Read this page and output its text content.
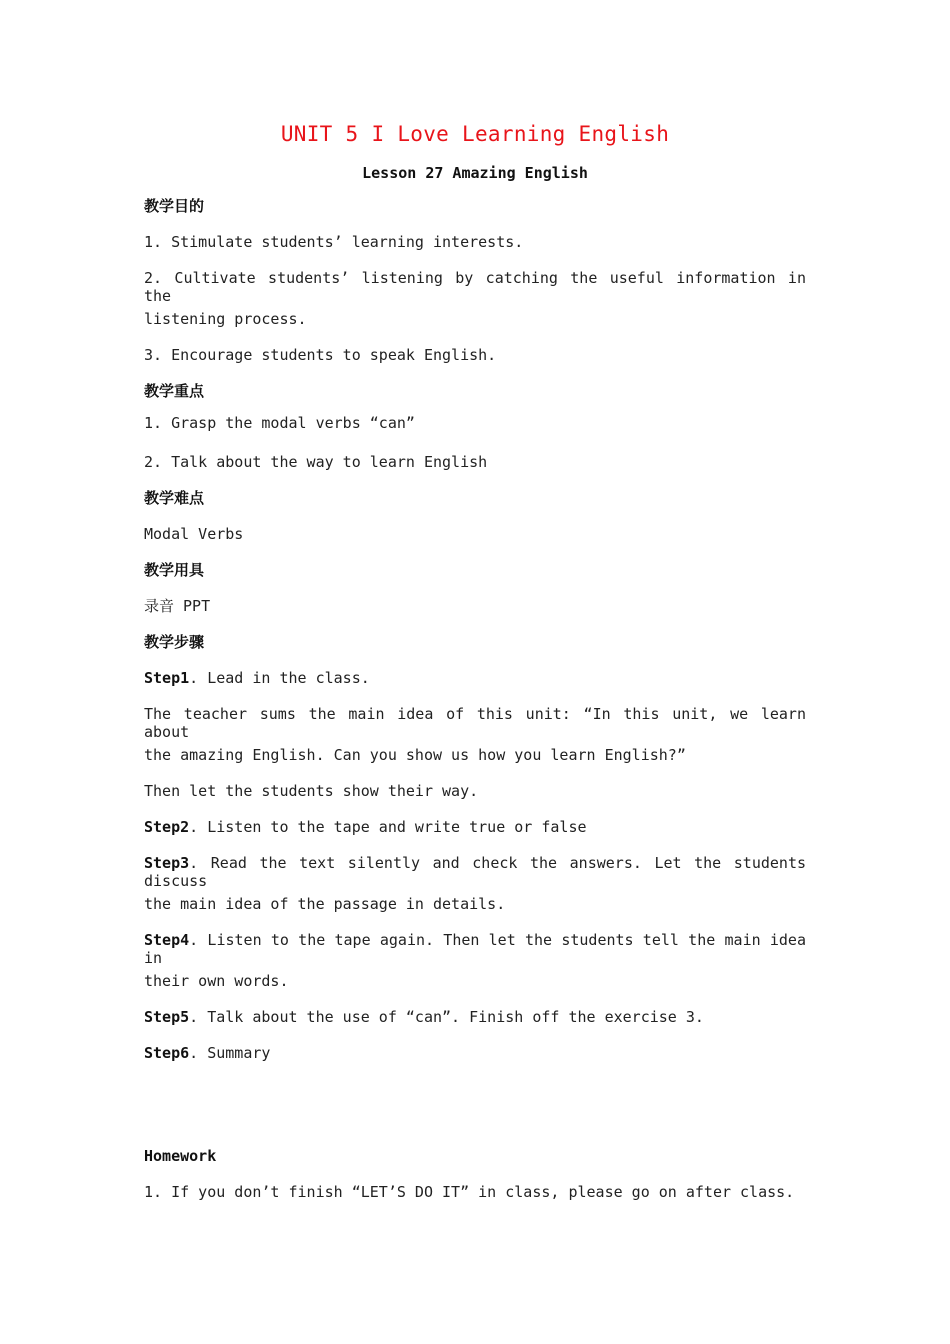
UNIT 5 I Love Learning English
Lesson 27 Amazing English
教学目的
1. Stimulate students’ learning interests.
2. Cultivate students’ listening by catching the useful information in the
listening process.
3. Encourage students to speak English.
教学重点
1. Grasp the modal verbs “can”
2. Talk about the way to learn English
教学难点
Modal Verbs
教学用具
录音 PPT
教学步骤
Step1. Lead in the class.
The teacher sums the main idea of this unit: “In this unit, we learn about
the amazing English. Can you show us how you learn English?”
Then let the students show their way.
Step2. Listen to the tape and write true or false
Step3. Read the text silently and check the answers. Let the students discuss
the main idea of the passage in details.
Step4. Listen to the tape again. Then let the students tell the main idea in
their own words.
Step5. Talk about the use of “can”. Finish off the exercise 3.
Step6. Summary
Homework
1. If you don’t finish “LET’S DO IT” in class, please go on after class.
